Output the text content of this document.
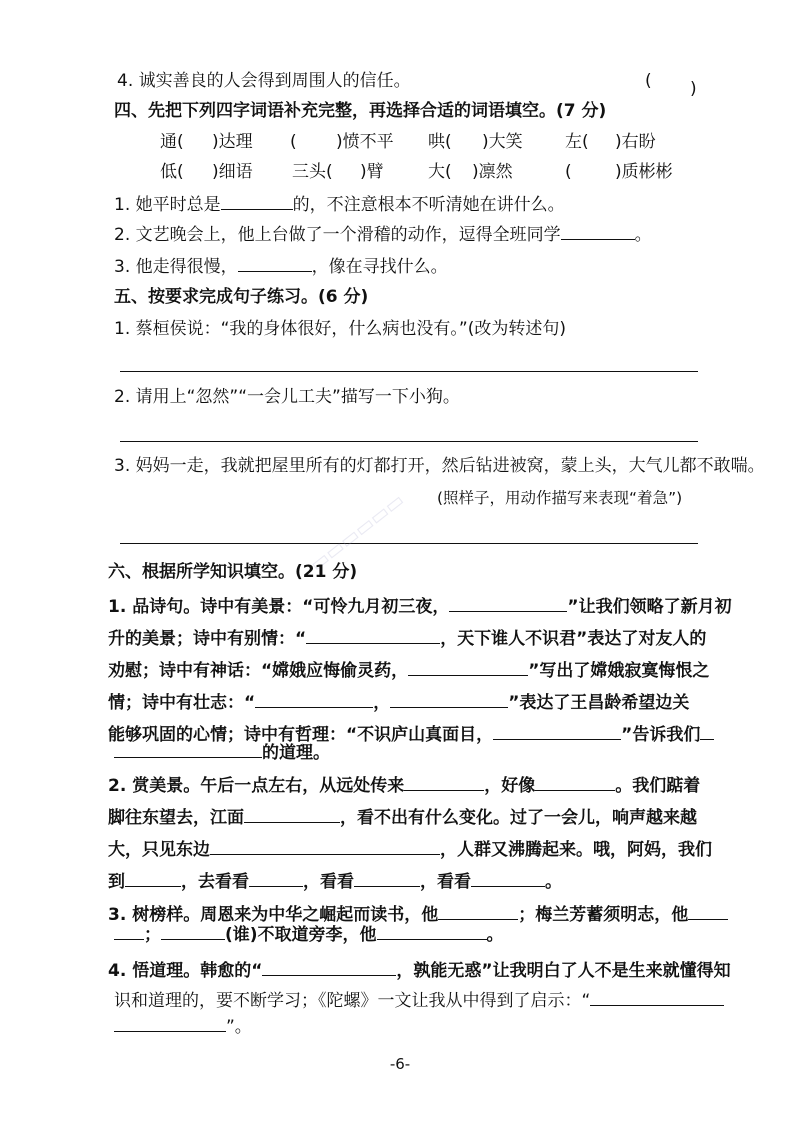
4. 诚实善良的人会得到周围人的信任。	( )
四、先把下列四字词语补充完整，再选择合适的词语填空。(7 分)
通( )达理 ( )愤不平 哄( )大笑 左( )右盼
低( )细语 三头( )臂	大( )凛然	(	)质彬彬
1. 她平时总是	的，不注意根本不听清她在讲什么。
2. 文艺晚会上，他上台做了一个滑稽的动作，逗得全班同学	。
3. 他走得很慢，	，像在寻找什么。
五、按要求完成句子练习。(6 分)
1. 蔡桓侯说：“我的身体很好，什么病也没有。”(改为转述句)
2. 请用上“忽然”“一会儿工夫”描写一下小狗。
3. 妈妈一走，我就把屋里所有的灯都打开，然后钻进被窝，蒙上头，大气儿都不敢喘。
(照样子，用动作描写来表现“着急”)
▭▭▭▭▭▭
六、根据所学知识填空。(21 分)
1. 品诗句。诗中有美景：“可怜九月初三夜，	”让我们领略了新月初
升的美景；诗中有别情：“	，天下谁人不识君”表达了对友人的
劝慰；诗中有神话：“嫦娥应悔偷灵药，	”写出了嫦娥寂寞悔恨之
情；诗中有壮志：“	，	”表达了王昌龄希望边关
能够巩固的心情；诗中有哲理：“不识庐山真面目，	”告诉我们
的道理。
2. 赏美景。午后一点左右，从远处传来	，好像	。我们踮着
脚往东望去，江面	，看不出有什么变化。过了一会儿，响声越来越
大，只见东边	，人群又沸腾起来。哦，阿妈，我们
到	，去看看	，看看	，看看	。
3. 树榜样。周恩来为中华之崛起而读书，他	；梅兰芳蓄须明志，他
；	(谁)不取道旁李，他	。
4. 悟道理。韩愈的“	，孰能无惑”让我明白了人不是生来就懂得知
识和道理的，要不断学习；《陀螺》一文让我从中得到了启示：“
”。
-6-
